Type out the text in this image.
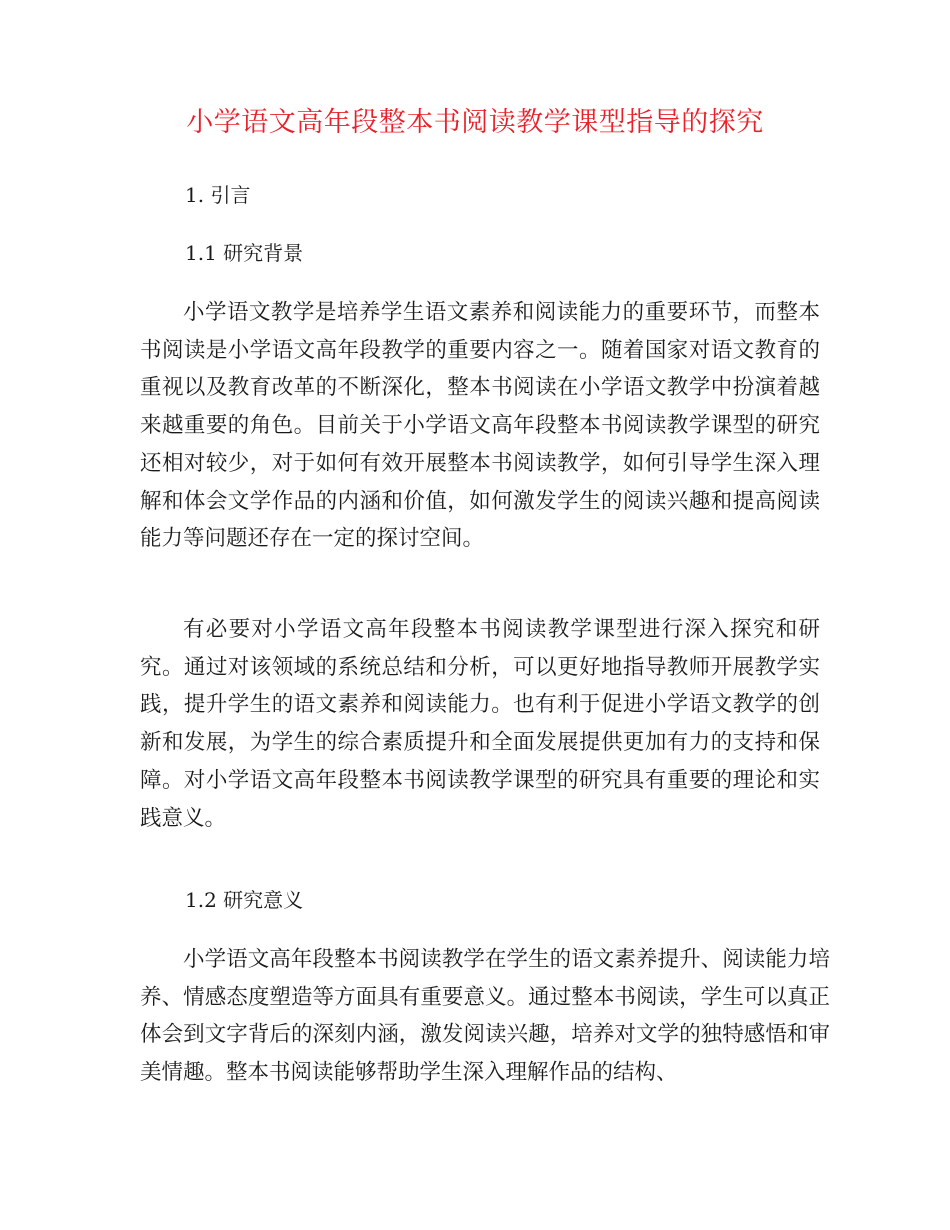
小学语文高年段整本书阅读教学课型指导的探究
1. 引言
1.1 研究背景

小学语文教学是培养学生语文素养和阅读能力的重要环节，而整本书阅读是小学语文高年段教学的重要内容之一。随着国家对语文教育的重视以及教育改革的不断深化，整本书阅读在小学语文教学中扮演着越来越重要的角色。目前关于小学语文高年段整本书阅读教学课型的研究还相对较少，对于如何有效开展整本书阅读教学，如何引导学生深入理解和体会文学作品的内涵和价值，如何激发学生的阅读兴趣和提高阅读能力等问题还存在一定的探讨空间。

有必要对小学语文高年段整本书阅读教学课型进行深入探究和研究。通过对该领域的系统总结和分析，可以更好地指导教师开展教学实践，提升学生的语文素养和阅读能力。也有利于促进小学语文教学的创新和发展，为学生的综合素质提升和全面发展提供更加有力的支持和保障。对小学语文高年段整本书阅读教学课型的研究具有重要的理论和实践意义。

1.2 研究意义

小学语文高年段整本书阅读教学在学生的语文素养提升、阅读能力培养、情感态度塑造等方面具有重要意义。通过整本书阅读，学生可以真正体会到文字背后的深刻内涵，激发阅读兴趣，培养对文学的独特感悟和审美情趣。整本书阅读能够帮助学生深入理解作品的结构、
